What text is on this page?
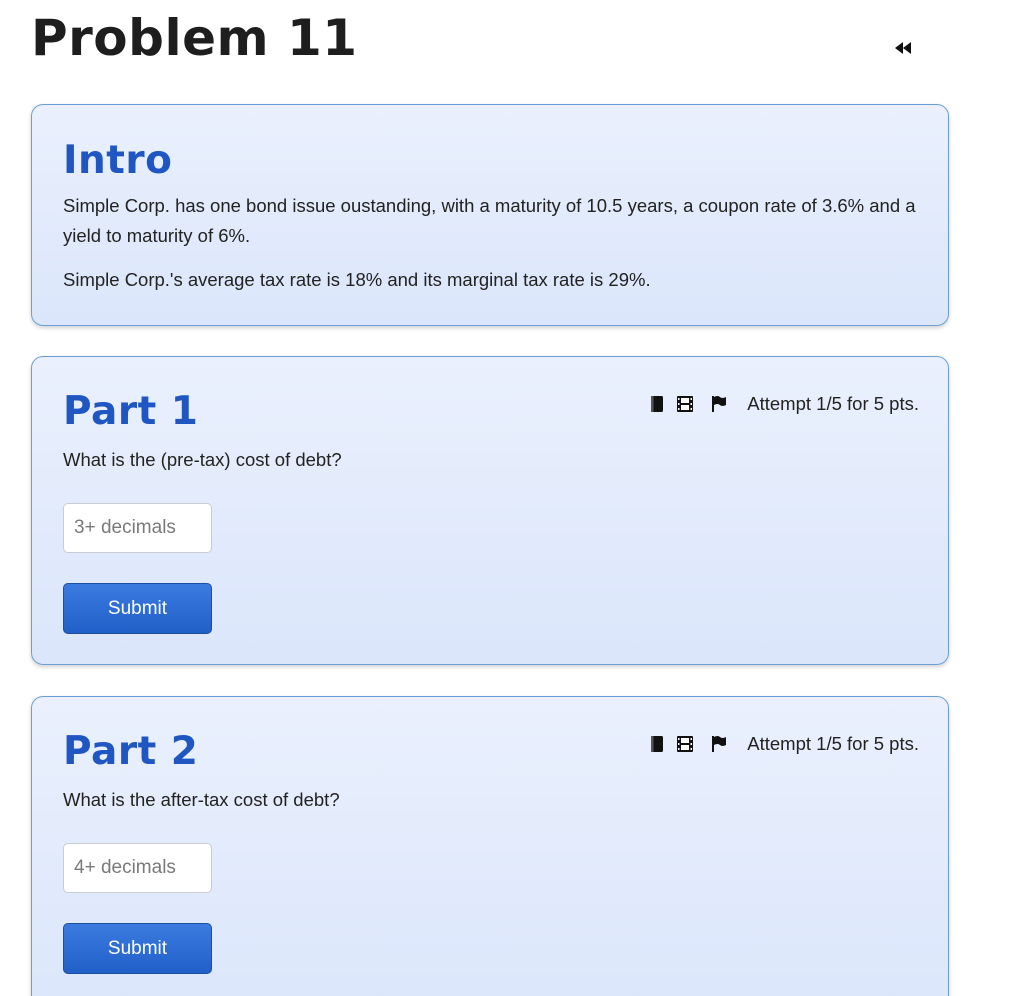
Problem 11
Intro

Simple Corp. has one bond issue oustanding, with a maturity of 10.5 years, a coupon rate of 3.6% and a yield to maturity of 6%.

Simple Corp.'s average tax rate is 18% and its marginal tax rate is 29%.

Part 1	Attempt 1/5 for 5 pts.

What is the (pre-tax) cost of debt?

3+ decimals
Submit
Part 2	Attempt 1/5 for 5 pts.

What is the after-tax cost of debt?

4+ decimals
Submit
